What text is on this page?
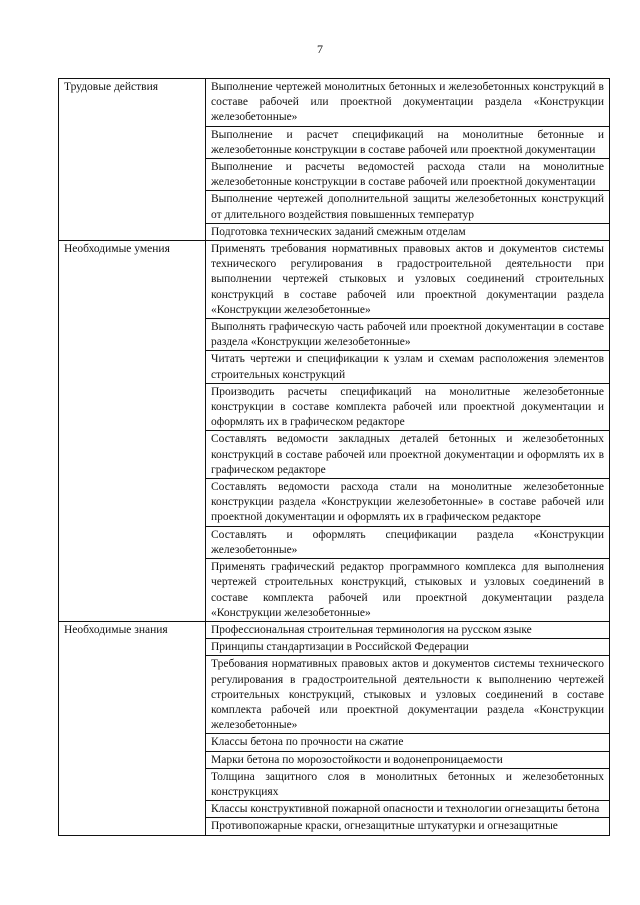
7
Трудовые действия	Выполнение чертежей монолитных бетонных и железобетонных конструкций в составе рабочей или проектной документации раздела «Конструкции железобетонные»
	Выполнение и расчет спецификаций на монолитные бетонные и железобетонные конструкции в составе рабочей или проектной документации
	Выполнение и расчеты ведомостей расхода стали на монолитные железобетонные конструкции в составе рабочей или проектной документации
	Выполнение чертежей дополнительной защиты железобетонных конструкций от длительного воздействия повышенных температур
	Подготовка технических заданий смежным отделам
Необходимые умения	Применять требования нормативных правовых актов и документов системы технического регулирования в градостроительной деятельности при выполнении чертежей стыковых и узловых соединений строительных конструкций в составе рабочей или проектной документации раздела «Конструкции железобетонные»
	Выполнять графическую часть рабочей или проектной документации в составе раздела «Конструкции железобетонные»
	Читать чертежи и спецификации к узлам и схемам расположения элементов строительных конструкций
	Производить расчеты спецификаций на монолитные железобетонные конструкции в составе комплекта рабочей или проектной документации и оформлять их в графическом редакторе
	Составлять ведомости закладных деталей бетонных и железобетонных конструкций в составе рабочей или проектной документации и оформлять их в графическом редакторе
	Составлять ведомости расхода стали на монолитные железобетонные конструкции раздела «Конструкции железобетонные» в составе рабочей или проектной документации и оформлять их в графическом редакторе
	Составлять и оформлять спецификации раздела «Конструкции железобетонные»
	Применять графический редактор программного комплекса для выполнения чертежей строительных конструкций, стыковых и узловых соединений в составе комплекта рабочей или проектной документации раздела «Конструкции железобетонные»
Необходимые знания	Профессиональная строительная терминология на русском языке
	Принципы стандартизации в Российской Федерации
	Требования нормативных правовых актов и документов системы технического регулирования в градостроительной деятельности к выполнению чертежей строительных конструкций, стыковых и узловых соединений в составе комплекта рабочей или проектной документации раздела «Конструкции железобетонные»
	Классы бетона по прочности на сжатие
	Марки бетона по морозостойкости и водонепроницаемости
	Толщина защитного слоя в монолитных бетонных и железобетонных конструкциях
	Классы конструктивной пожарной опасности и технологии огнезащиты бетона
	Противопожарные краски, огнезащитные штукатурки и огнезащитные
